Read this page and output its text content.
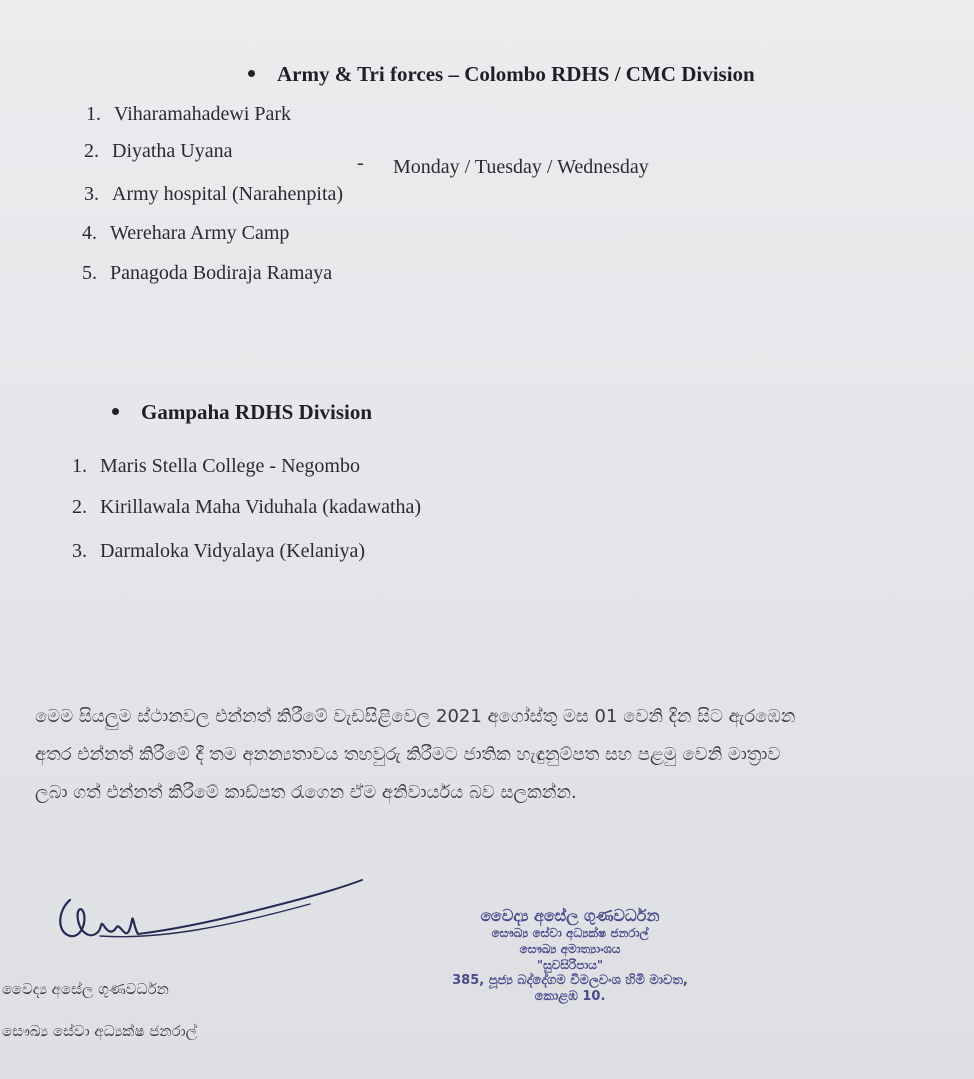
Army & Tri forces – Colombo RDHS / CMC Division
1. Viharamahadewi Park
2. Diyatha Uyana
- Monday / Tuesday / Wednesday
3. Army hospital (Narahenpita)
4. Werehara Army Camp
5. Panagoda Bodiraja Ramaya
Gampaha RDHS Division
1. Maris Stella College - Negombo
2. Kirillawala Maha Viduhala (kadawatha)
3. Darmaloka Vidyalaya (Kelaniya)
මෙම සියලුම ස්ථානවල එන්නත් කිරීමේ වැඩසිළිවෙල 2021 අගෝස්තු මස 01 වෙනි දින සිට ඇරඹෙන
අතර එන්නත් කිරීමේ දී තම අනන්‍යතාවය තහවුරු කිරීමට ජාතික හැඳුනුම්පත සහ පළමු වෙනි මාත්‍රාව
ලබා ගත් එන්නත් කිරීමේ කාඩ්පත රැගෙන ඒම අනිවාර්යය බව සලකන්න.
වෛද්‍ය අසේල ගුණවර්ධන
සෞඛ්‍ය සේවා අධ්‍යක්ෂ ජනරාල්
වෛද්‍ය අසේල ගුණවර්ධන
සෞඛ්‍ය සේවා අධ්‍යක්ෂ ජනරාල්
සෞඛ්‍ය අමාත්‍යාංශය
"සුවසිරිපාය"
385, පූජ්‍ය බද්දේගම විමලවංශ හිමි මාවත,
කොළඹ 10.
